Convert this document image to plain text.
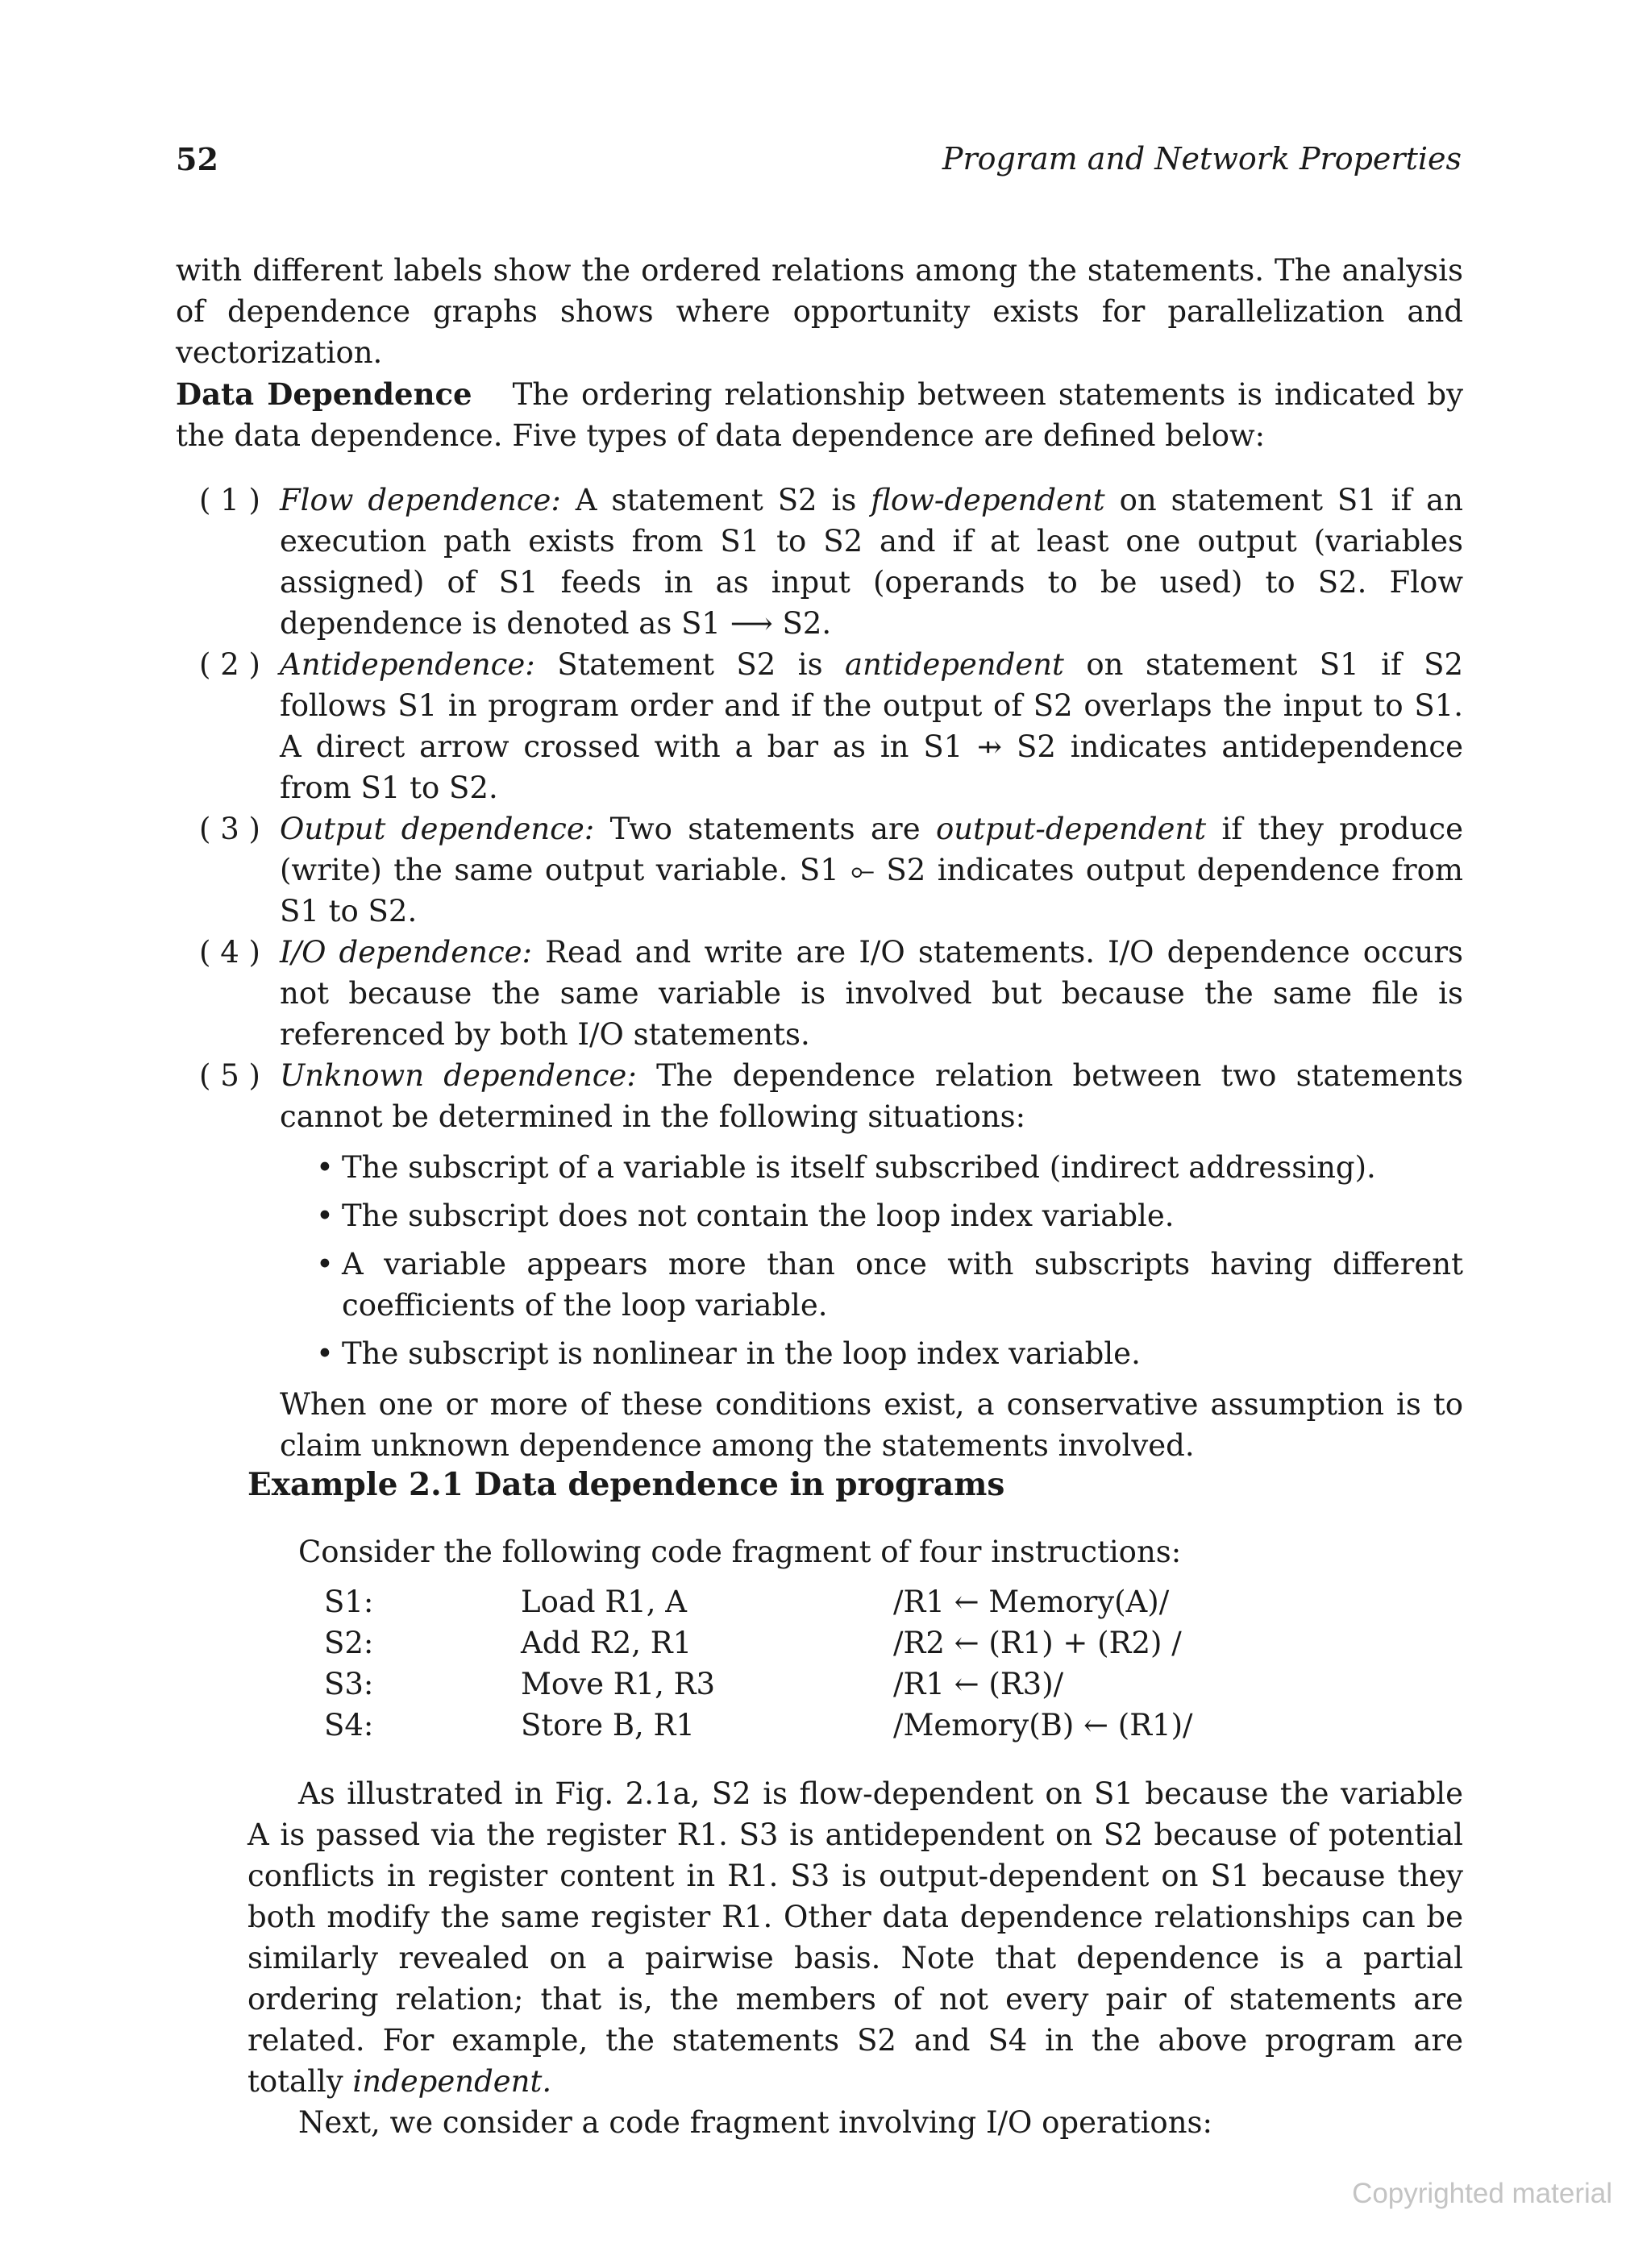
52	Program and Network Properties
with different labels show the ordered relations among the statements. The analysis of dependence graphs shows where opportunity exists for parallelization and vectorization.
Data Dependence The ordering relationship between statements is indicated by the data dependence. Five types of data dependence are defined below:
( 1 ) Flow dependence: A statement S2 is flow-dependent on statement S1 if an execution path exists from S1 to S2 and if at least one output (variables assigned) of S1 feeds in as input (operands to be used) to S2. Flow dependence is denoted as S1 ⟶ S2.
( 2 ) Antidependence: Statement S2 is antidependent on statement S1 if S2 follows S1 in program order and if the output of S2 overlaps the input to S1. A direct arrow crossed with a bar as in S1 ⇸ S2 indicates antidependence from S1 to S2.
( 3 ) Output dependence: Two statements are output-dependent if they produce (write) the same output variable. S1 ⟜ S2 indicates output dependence from S1 to S2.
( 4 ) I/O dependence: Read and write are I/O statements. I/O dependence occurs not because the same variable is involved but because the same file is referenced by both I/O statements.
( 5 ) Unknown dependence: The dependence relation between two statements cannot be determined in the following situations:
• The subscript of a variable is itself subscribed (indirect addressing).
• The subscript does not contain the loop index variable.
• A variable appears more than once with subscripts having different coefficients of the loop variable.
• The subscript is nonlinear in the loop index variable.
When one or more of these conditions exist, a conservative assumption is to claim unknown dependence among the statements involved.
Example 2.1 Data dependence in programs
Consider the following code fragment of four instructions:
S1:	Load R1, A	/R1 ← Memory(A)/
S2:	Add R2, R1	/R2 ← (R1) + (R2) /
S3:	Move R1, R3	/R1 ← (R3)/
S4:	Store B, R1	/Memory(B) ← (R1)/

As illustrated in Fig. 2.1a, S2 is flow-dependent on S1 because the variable A is passed via the register R1. S3 is antidependent on S2 because of potential conflicts in register content in R1. S3 is output-dependent on S1 because they both modify the same register R1. Other data dependence relationships can be similarly revealed on a pairwise basis. Note that dependence is a partial ordering relation; that is, the members of not every pair of statements are related. For example, the statements S2 and S4 in the above program are totally independent.

Next, we consider a code fragment involving I/O operations:

Copyrighted material
